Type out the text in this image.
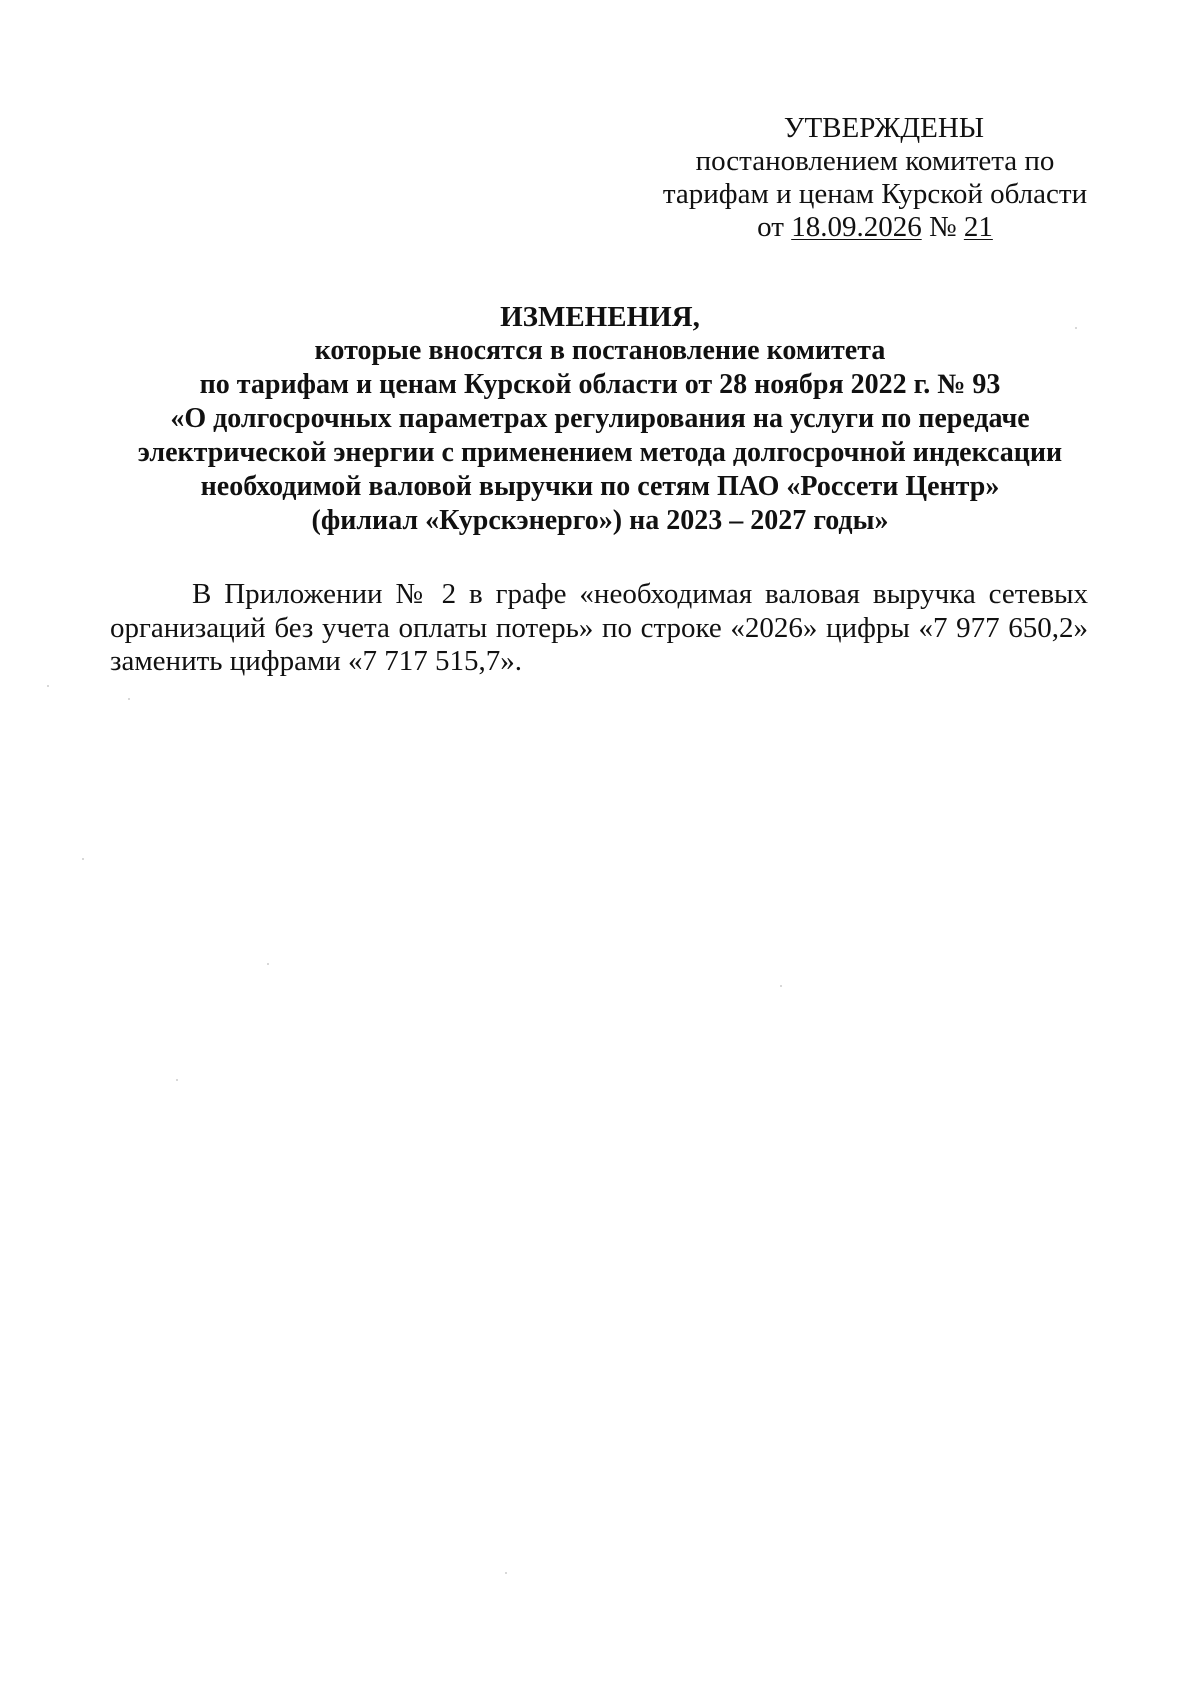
УТВЕРЖДЕНЫ
постановлением комитета по
тарифам и ценам Курской области
от 18.09.2026 № 21
ИЗМЕНЕНИЯ,
которые вносятся в постановление комитета
по тарифам и ценам Курской области от 28 ноября 2022 г. № 93
«О долгосрочных параметрах регулирования на услуги по передаче
электрической энергии с применением метода долгосрочной индексации
необходимой валовой выручки по сетям ПАО «Россети Центр»
(филиал «Курскэнерго») на 2023 – 2027 годы»

В Приложении № 2 в графе «необходимая валовая выручка сетевых организаций без учета оплаты потерь» по строке «2026» цифры «7 977 650,2» заменить цифрами «7 717 515,7».
